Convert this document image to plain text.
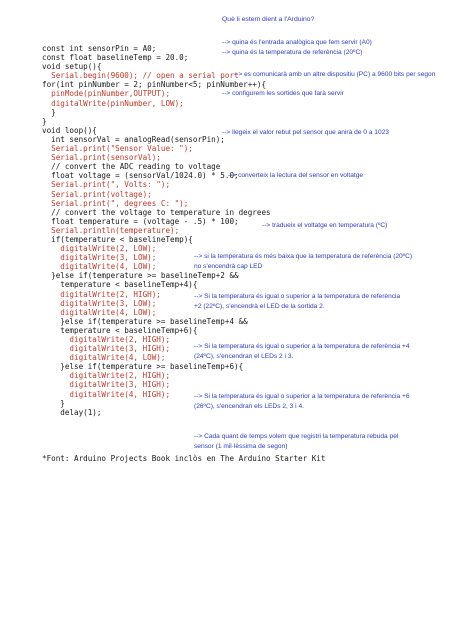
Què li estem dient a l'Arduino?
const int sensorPin = A0;
const float baselineTemp = 20.0;
void setup(){
Serial.begin(9600); // open a serial port
for(int pinNumber = 2; pinNumber<5; pinNumber++){
pinMode(pinNumber,OUTPUT);
digitalWrite(pinNumber, LOW);
}
}
void loop(){
int sensorVal = analogRead(sensorPin);
Serial.print("Sensor Value: ");
Serial.print(sensorVal);
// convert the ADC reading to voltage
float voltage = (sensorVal/1024.0) * 5.0;
Serial.print(", Volts: ");
Serial.print(voltage);
Serial.print(", degrees C: ");
// convert the voltage to temperature in degrees
float temperature = (voltage - .5) * 100;
Serial.println(temperature);
if(temperature < baselineTemp){
digitalWrite(2, LOW);
digitalWrite(3, LOW);
digitalWrite(4, LOW);
}else if(temperature >= baselineTemp+2 &&
temperature < baselineTemp+4){
digitalWrite(2, HIGH);
digitalWrite(3, LOW);
digitalWrite(4, LOW);
}else if(temperature >= baselineTemp+4 &&
temperature < baselineTemp+6){
digitalWrite(2, HIGH);
digitalWrite(3, HIGH);
digitalWrite(4, LOW);
}else if(temperature >= baselineTemp+6){
digitalWrite(2, HIGH);
digitalWrite(3, HIGH);
digitalWrite(4, HIGH);
}
delay(1);
--> quina és l'entrada analògica que fem servir (A0)
--> quina és la temperatura de referència (20ºC)
--> es comunicarà amb un altre dispositiu (PC) a 9600 bits per segon
--> configurem les sortides que farà servir
--> llegeix el valor rebut pel sensor que anirà de 0 a 1023
--> converteix la lectura del sensor en voltatge
--> tradueix el voltatge en temperatura (ºC)
--> si la temperatura és més baixa que la temperatura de referència (20ºC)
no s'encendrà cap LED
--> Si la temperatura és igual o superior a la temperatura de referència
+2 (22ºC), s'encendrà el LED de la sortida 2.
--> Si la temperatura és igual o superior a la temperatura de referència +4
(24ºC), s'encendran el LEDs 2 i 3.
--> Si la temperatura és igual o superior a la temperatura de referència +6
(26ºC), s'encendran els LEDs 2, 3 i 4.
--> Cada quant de temps volem que registri la temperatura rebuda pel
sensor (1 mil·lèssima de segon)
*Font: Arduino Projects Book inclòs en The Arduino Starter Kit
